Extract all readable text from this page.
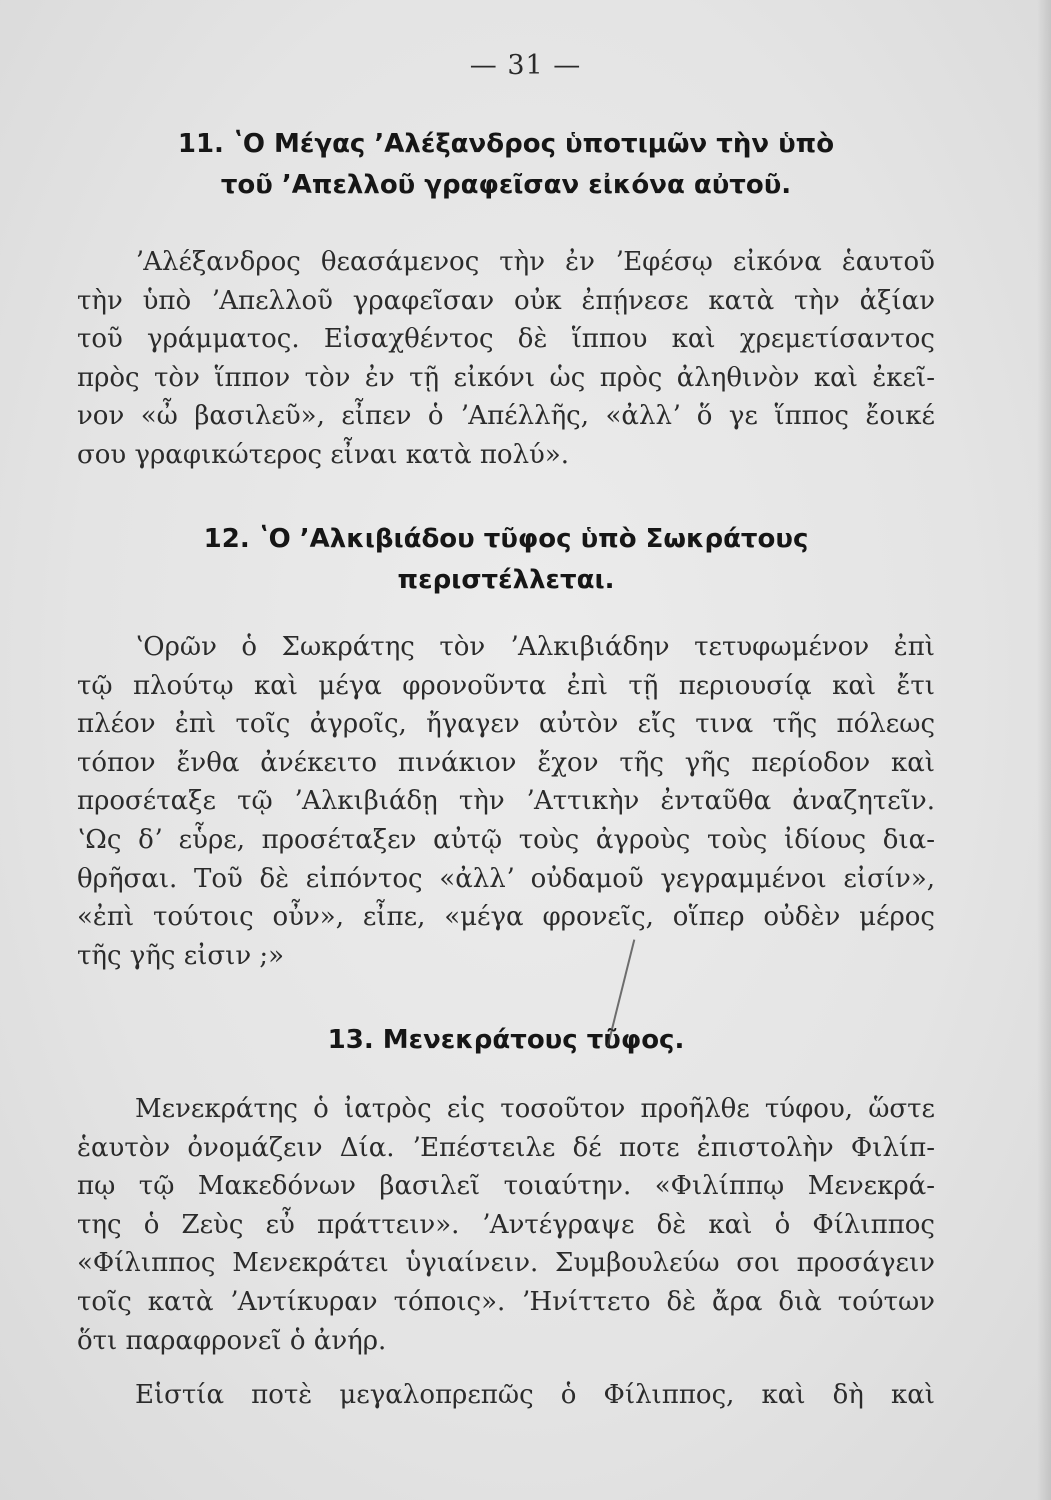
— 31 —
11. ʽΟ Μέγας ʼΑλέξανδρος ὑποτιμῶν τὴν ὑπὸ
τοῦ ʼΑπελλοῦ γραφεῖσαν εἰκόνα αὐτοῦ.
ʼΑλέξανδρος θεασάμενος τὴν ἐν ʼΕφέσῳ εἰκόνα ἑαυτοῦ
τὴν ὑπὸ ʼΑπελλοῦ γραφεῖσαν οὐκ ἐπῄνεσε κατὰ τὴν ἀξίαν
τοῦ γράμματος. Εἰσαχθέντος δὲ ἵππου καὶ χρεμετίσαντος
πρὸς τὸν ἵππον τὸν ἐν τῇ εἰκόνι ὡς πρὸς ἀληθινὸν καὶ ἐκεῖ-
νον «ὦ βασιλεῦ», εἶπεν ὁ ʼΑπέλλῆς, «ἀλλʼ ὅ γε ἵππος ἔοικέ
σου γραφικώτερος εἶναι κατὰ πολύ».
12. ʽΟ ʼΑλκιβιάδου τῦφος ὑπὸ Σωκράτους
περιστέλλεται.
ʽΟρῶν ὁ Σωκράτης τὸν ʼΑλκιβιάδην τετυφωμένον ἐπὶ
τῷ πλούτῳ καὶ μέγα φρονοῦντα ἐπὶ τῇ περιουσίᾳ καὶ ἔτι
πλέον ἐπὶ τοῖς ἀγροῖς, ἤγαγεν αὐτὸν εἴς τινα τῆς πόλεως
τόπον ἔνθα ἀνέκειτο πινάκιον ἔχον τῆς γῆς περίοδον καὶ
προσέταξε τῷ ʼΑλκιβιάδῃ τὴν ʼΑττικὴν ἐνταῦθα ἀναζητεῖν.
ʽΩς δʼ εὗρε, προσέταξεν αὐτῷ τοὺς ἀγροὺς τοὺς ἰδίους δια-
θρῆσαι. Τοῦ δὲ εἰπόντος «ἀλλʼ οὐδαμοῦ γεγραμμένοι εἰσίν»,
«ἐπὶ τούτοις οὖν», εἶπε, «μέγα φρονεῖς, οἵπερ οὐδὲν μέρος
τῆς γῆς εἰσιν ;»
13. Μενεκράτους τῦφος.
Μενεκράτης ὁ ἰατρὸς εἰς τοσοῦτον προῆλθε τύφου, ὥστε
ἑαυτὸν ὀνομάζειν Δία. ʼΕπέστειλε δέ ποτε ἐπιστολὴν Φιλίπ-
πῳ τῷ Μακεδόνων βασιλεῖ τοιαύτην. «Φιλίππῳ Μενεκρά-
της ὁ Ζεὺς εὖ πράττειν». ʼΑντέγραψε δὲ καὶ ὁ Φίλιππος
«Φίλιππος Μενεκράτει ὑγιαίνειν. Συμβουλεύω σοι προσάγειν
τοῖς κατὰ ʼΑντίκυραν τόποις». ʼΗνίττετο δὲ ἄρα διὰ τούτων
ὅτι παραφρονεῖ ὁ ἀνήρ.
Εἱστία ποτὲ μεγαλοπρεπῶς ὁ Φίλιππος, καὶ δὴ καὶ
